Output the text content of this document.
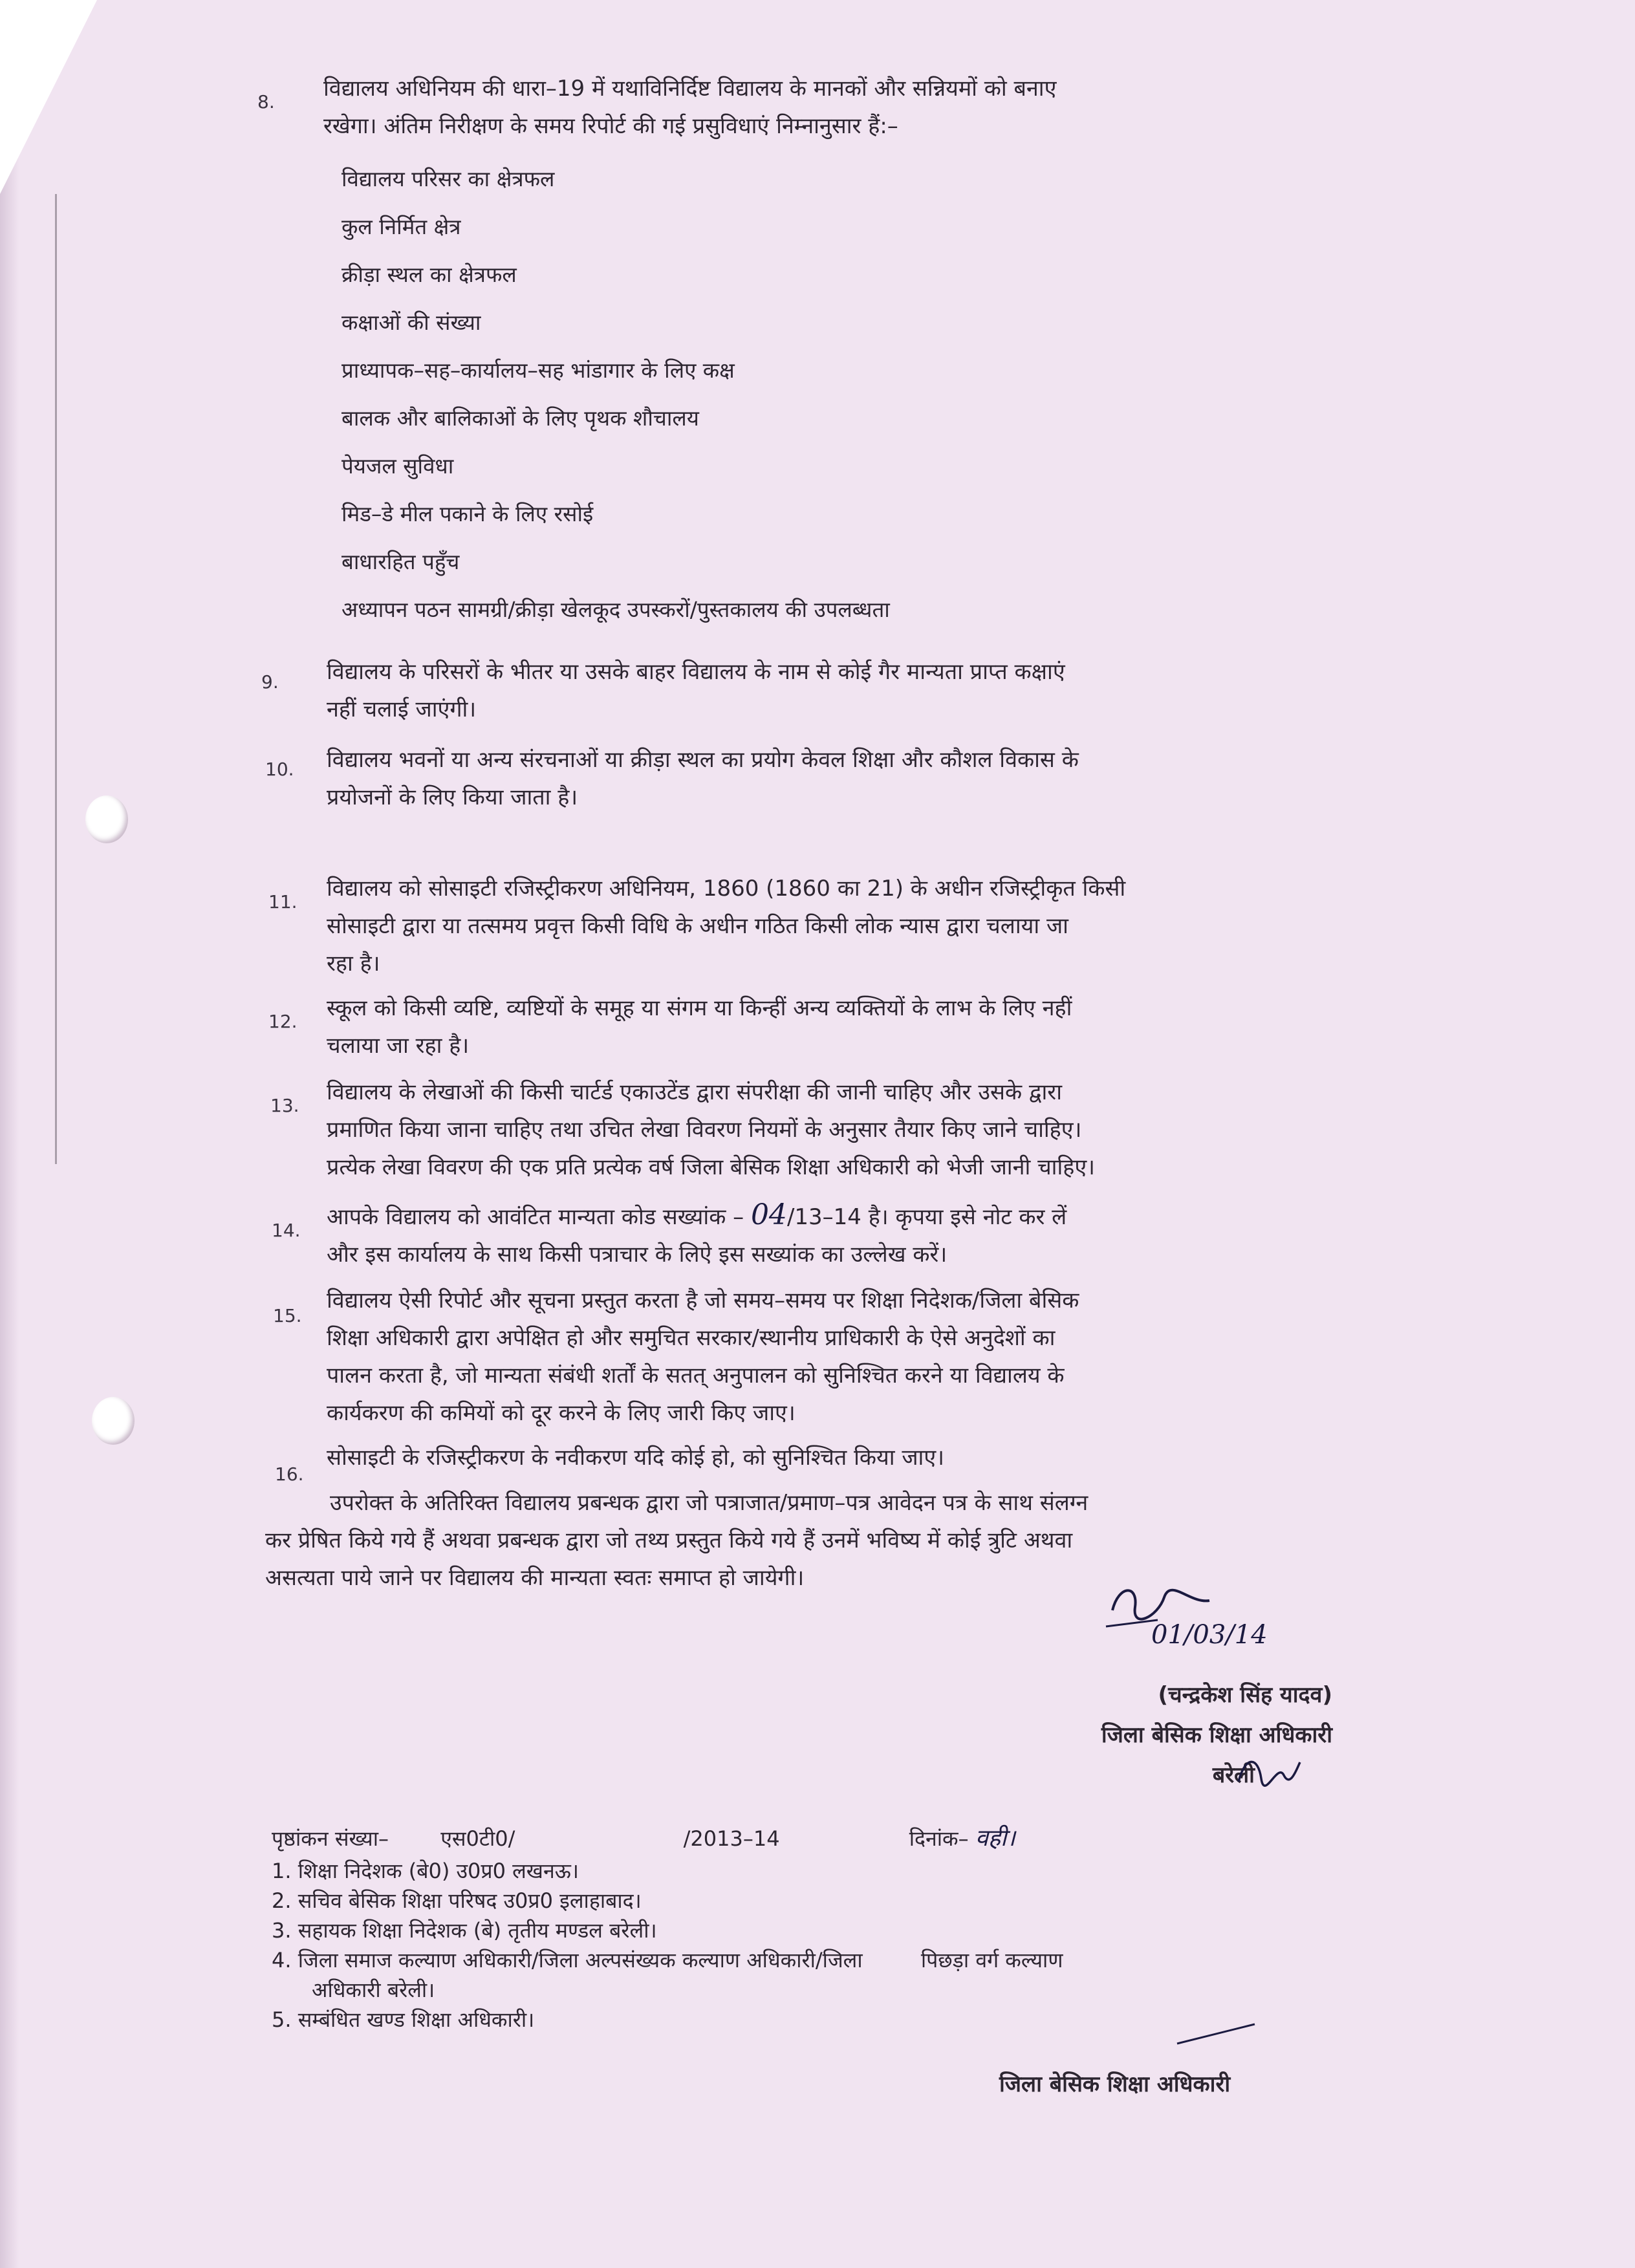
8.
विद्यालय अधिनियम की धारा–19 में यथाविनिर्दिष्ट विद्यालय के मानकों और सन्नियमों को बनाए
रखेगा। अंतिम निरीक्षण के समय रिपोर्ट की गई प्रसुविधाएं निम्नानुसार हैं:–
विद्यालय परिसर का क्षेत्रफल
कुल निर्मित क्षेत्र
क्रीड़ा स्थल का क्षेत्रफल
कक्षाओं की संख्या
प्राध्यापक–सह–कार्यालय–सह भांडागार के लिए कक्ष
बालक और बालिकाओं के लिए पृथक शौचालय
पेयजल सुविधा
मिड–डे मील पकाने के लिए रसोई
बाधारहित पहुँच
अध्यापन पठन सामग्री/क्रीड़ा खेलकूद उपस्करों/पुस्तकालय की उपलब्धता
9. विद्यालय के परिसरों के भीतर या उसके बाहर विद्यालय के नाम से कोई गैर मान्यता प्राप्त कक्षाएं
नहीं चलाई जाएंगी।
10. विद्यालय भवनों या अन्य संरचनाओं या क्रीड़ा स्थल का प्रयोग केवल शिक्षा और कौशल विकास के
प्रयोजनों के लिए किया जाता है।
11.
विद्यालय को सोसाइटी रजिस्ट्रीकरण अधिनियम, 1860 (1860 का 21) के अधीन रजिस्ट्रीकृत किसी
सोसाइटी द्वारा या तत्समय प्रवृत्त किसी विधि के अधीन गठित किसी लोक न्यास द्वारा चलाया जा
रहा है।
12.
स्कूल को किसी व्यष्टि, व्यष्टियों के समूह या संगम या किन्हीं अन्य व्यक्तियों के लाभ के लिए नहीं
चलाया जा रहा है।
13.
विद्यालय के लेखाओं की किसी चार्टर्ड एकाउटेंड द्वारा संपरीक्षा की जानी चाहिए और उसके द्वारा
प्रमाणित किया जाना चाहिए तथा उचित लेखा विवरण नियमों के अनुसार तैयार किए जाने चाहिए।
प्रत्येक लेखा विवरण की एक प्रति प्रत्येक वर्ष जिला बेसिक शिक्षा अधिकारी को भेजी जानी चाहिए।
14.
आपके विद्यालय को आवंटित मान्यता कोड सख्यांक – 04/13–14 है। कृपया इसे नोट कर लें
और इस कार्यालय के साथ किसी पत्राचार के लिऐ इस सख्यांक का उल्लेख करें।
15.
विद्यालय ऐसी रिपोर्ट और सूचना प्रस्तुत करता है जो समय–समय पर शिक्षा निदेशक/जिला बेसिक
शिक्षा अधिकारी द्वारा अपेक्षित हो और समुचित सरकार/स्थानीय प्राधिकारी के ऐसे अनुदेशों का
पालन करता है, जो मान्यता संबंधी शर्तों के सतत् अनुपालन को सुनिश्चित करने या विद्यालय के
कार्यकरण की कमियों को दूर करने के लिए जारी किए जाए।
16.
सोसाइटी के रजिस्ट्रीकरण के नवीकरण यदि कोई हो, को सुनिश्चित किया जाए।
उपरोक्त के अतिरिक्त विद्यालय प्रबन्धक द्वारा जो पत्राजात/प्रमाण–पत्र आवेदन पत्र के साथ संलग्न
कर प्रेषित किये गये हैं अथवा प्रबन्धक द्वारा जो तथ्य प्रस्तुत किये गये हैं उनमें भविष्य में कोई त्रुटि अथवा
असत्यता पाये जाने पर विद्यालय की मान्यता स्वतः समाप्त हो जायेगी।
01/03/14
(चन्द्रकेश सिंह यादव)
जिला बेसिक शिक्षा अधिकारी
बरेली
पृष्ठांकन संख्या–	एस0टी0/	/2013–14	दिनांक– वही।
1. शिक्षा निदेशक (बे0) उ0प्र0 लखनऊ।
2. सचिव बेसिक शिक्षा परिषद उ0प्र0 इलाहाबाद।
3. सहायक शिक्षा निदेशक (बे) तृतीय मण्डल बरेली।
4. जिला समाज कल्याण अधिकारी/जिला अल्पसंख्यक कल्याण अधिकारी/जिला	पिछड़ा वर्ग कल्याण
अधिकारी बरेली।
5. सम्बंधित खण्ड शिक्षा अधिकारी।
जिला बेसिक शिक्षा अधिकारी
